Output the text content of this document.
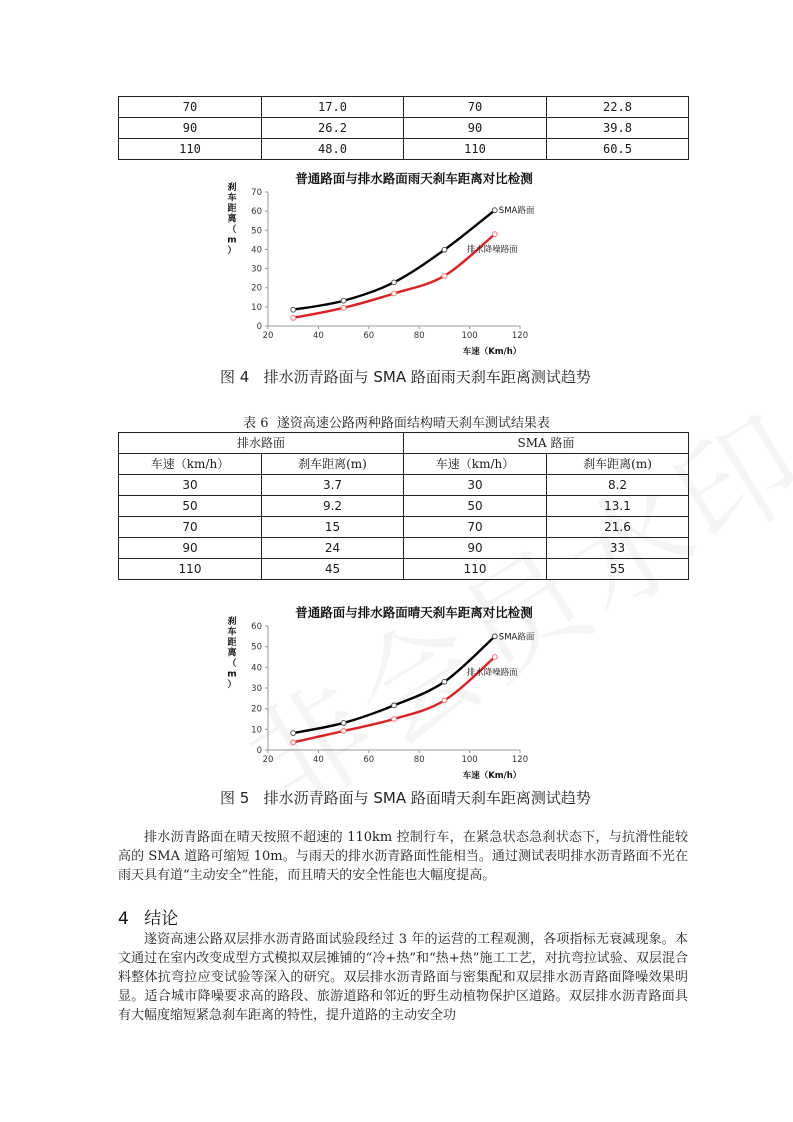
70	17.0	70	22.8
90	26.2	90	39.8
110	48.0	110	60.5
普通路面与排水路面雨天刹车距离对比检测
0
10
20
30
40
50
60
70
20	40	60	80	100	120
刹车距离（ m ）
车速（Km/h）
SMA路面
排水降噪路面
图 4   排水沥青路面与 SMA 路面雨天刹车距离测试趋势
表 6  遂资高速公路两种路面结构晴天刹车测试结果表
排水路面		SMA 路面	
车速（km/h）	刹车距离(m)	车速（km/h）	刹车距离(m)
30	3.7	30	8.2
50	9.2	50	13.1
70	15	70	21.6
90	24	90	33
110	45	110	55
普通路面与排水路面晴天刹车距离对比检测
0
10
20
30
40
50
60
20	40	60	80	100	120
刹车距离（ m ）
车速（Km/h）
SMA路面
排水降噪路面
图 5   排水沥青路面与 SMA 路面晴天刹车距离测试趋势

排水沥青路面在晴天按照不超速的 110km 控制行车，在紧急状态急刹状态下，与抗滑性能较高的 SMA 道路可缩短 10m。与雨天的排水沥青路面性能相当。通过测试表明排水沥青路面不光在雨天具有道“主动安全”性能，而且晴天的安全性能也大幅度提高。

4 结论

遂资高速公路双层排水沥青路面试验段经过 3 年的运营的工程观测，各项指标无衰减现象。本文通过在室内改变成型方式模拟双层摊铺的“冷+热”和“热+热”施工工艺，对抗弯拉试验、双层混合料整体抗弯拉应变试验等深入的研究。双层排水沥青路面与密集配和双层排水沥青路面降噪效果明显。适合城市降噪要求高的路段、旅游道路和邻近的野生动植物保护区道路。双层排水沥青路面具有大幅度缩短紧急刹车距离的特性，提升道路的主动安全功
